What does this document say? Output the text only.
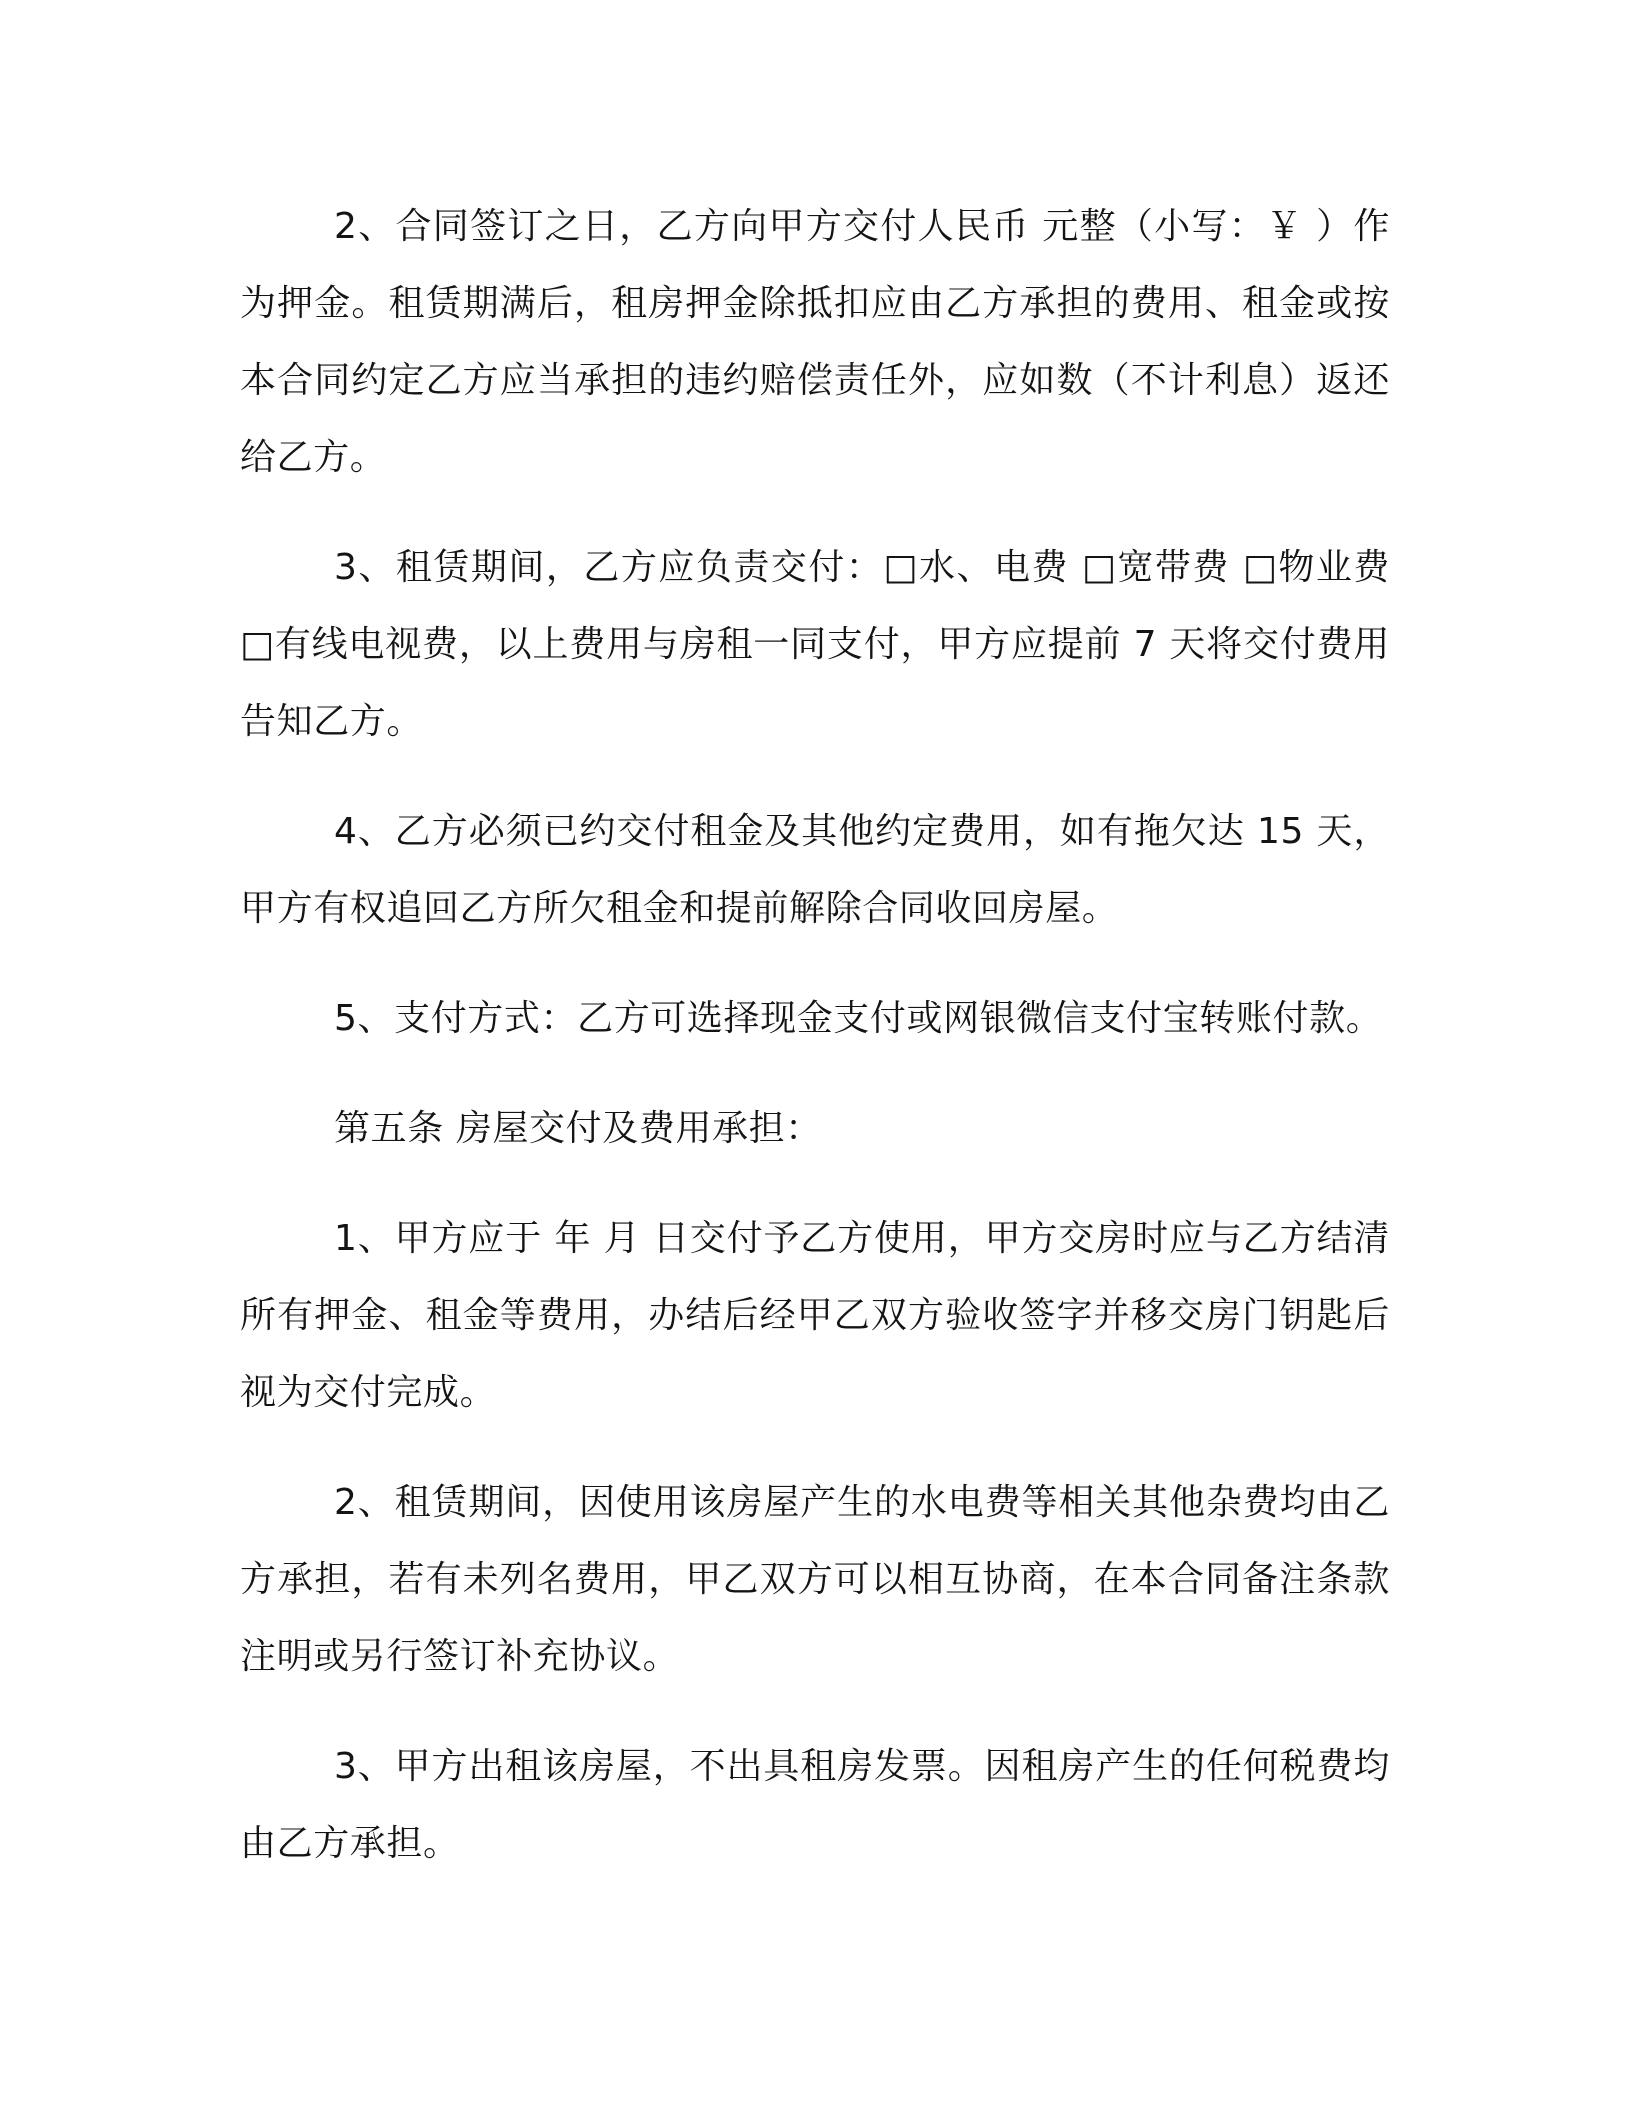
2、合同签订之日，乙方向甲方交付人民币 元整（小写：￥ ）作为押金。租赁期满后，租房押金除抵扣应由乙方承担的费用、租金或按本合同约定乙方应当承担的违约赔偿责任外，应如数（不计利息）返还给乙方。

3、租赁期间，乙方应负责交付：□水、电费 □宽带费 □物业费□有线电视费，以上费用与房租一同支付，甲方应提前 7 天将交付费用告知乙方。

4、乙方必须已约交付租金及其他约定费用，如有拖欠达 15 天，甲方有权追回乙方所欠租金和提前解除合同收回房屋。

5、支付方式：乙方可选择现金支付或网银微信支付宝转账付款。

第五条 房屋交付及费用承担：

1、甲方应于 年 月 日交付予乙方使用，甲方交房时应与乙方结清所有押金、租金等费用，办结后经甲乙双方验收签字并移交房门钥匙后视为交付完成。

2、租赁期间，因使用该房屋产生的水电费等相关其他杂费均由乙方承担，若有未列名费用，甲乙双方可以相互协商，在本合同备注条款注明或另行签订补充协议。

3、甲方出租该房屋，不出具租房发票。因租房产生的任何税费均由乙方承担。
